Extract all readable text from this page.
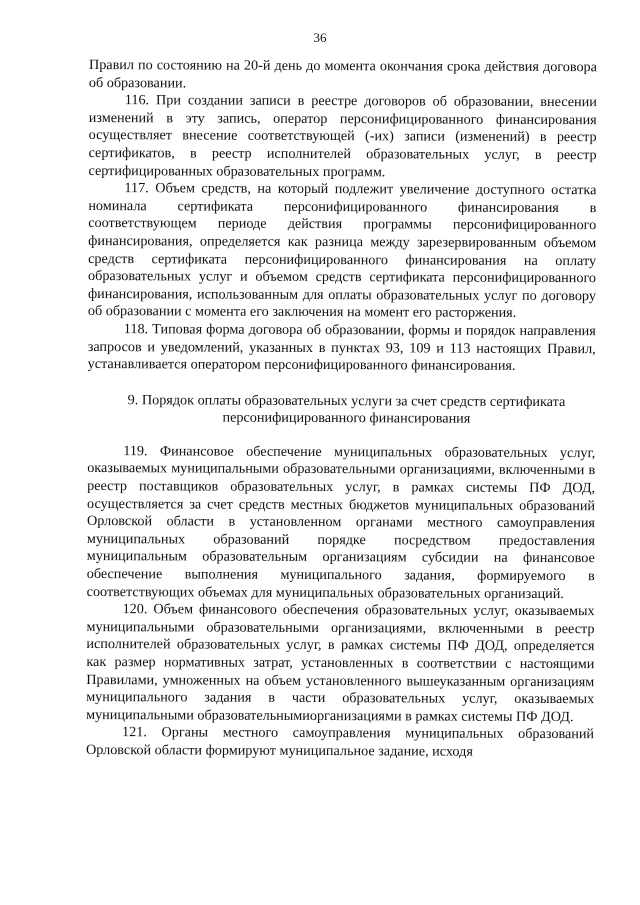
36

Правил по состоянию на 20-й день до момента окончания срока действия договора об образовании.

116. При создании записи в реестре договоров об образовании, внесении изменений в эту запись, оператор персонифицированного финансирования осуществляет внесение соответствующей (-их) записи (изменений) в реестр сертификатов, в реестр исполнителей образовательных услуг, в реестр сертифицированных образовательных программ.

117. Объем средств, на который подлежит увеличение доступного остатка номинала сертификата персонифицированного финансирования в соответствующем периоде действия программы персонифицированного финансирования, определяется как разница между зарезервированным объемом средств сертификата персонифицированного финансирования на оплату образовательных услуг и объемом средств сертификата персонифицированного финансирования, использованным для оплаты образовательных услуг по договору об образовании с момента его заключения на момент его расторжения.

118. Типовая форма договора об образовании, формы и порядок направления запросов и уведомлений, указанных в пунктах 93, 109 и 113 настоящих Правил, устанавливается оператором персонифицированного финансирования.

9. Порядок оплаты образовательных услуги за счет средств сертификата
персонифицированного финансирования

119. Финансовое обеспечение муниципальных образовательных услуг, оказываемых муниципальными образовательными организациями, включенными в реестр поставщиков образовательных услуг, в рамках системы ПФ ДОД, осуществляется за счет средств местных бюджетов муниципальных образований Орловской области в установленном органами местного самоуправления муниципальных образований порядке посредством предоставления муниципальным образовательным организациям субсидии на финансовое обеспечение выполнения муниципального задания, формируемого в соответствующих объемах для муниципальных образовательных организаций.

120. Объем финансового обеспечения образовательных услуг, оказываемых муниципальными образовательными организациями, включенными в реестр исполнителей образовательных услуг, в рамках системы ПФ ДОД, определяется как размер нормативных затрат, установленных в соответствии с настоящими Правилами, умноженных на объем установленного вышеуказанным организациям муниципального задания в части образовательных услуг, оказываемых муниципальными образовательнымиорганизациями в рамках системы ПФ ДОД.

121. Органы местного самоуправления муниципальных образований Орловской области формируют муниципальное задание, исходя
